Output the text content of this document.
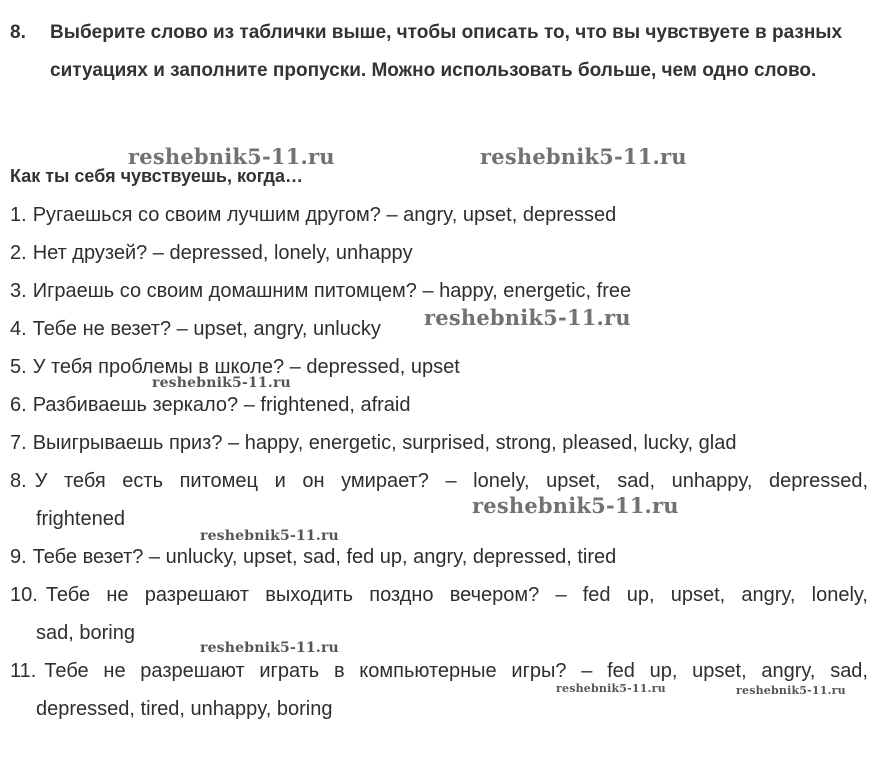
8. Выберите слово из таблички выше, чтобы описать то, что вы чувствуете в разных ситуациях и заполните пропуски. Можно использовать больше, чем одно слово.
Как ты себя чувствуешь, когда…
1. Ругаешься со своим лучшим другом? – angry, upset, depressed
2. Нет друзей? – depressed, lonely, unhappy
3. Играешь со своим домашним питомцем? – happy, energetic, free
4. Тебе не везет? – upset, angry, unlucky
5. У тебя проблемы в школе? – depressed, upset
6. Разбиваешь зеркало? – frightened, afraid
7. Выигрываешь приз? – happy, energetic, surprised, strong, pleased, lucky, glad
8. У тебя есть питомец и он умирает? – lonely, upset, sad, unhappy, depressed,
frightened
9. Тебе везет? – unlucky, upset, sad, fed up, angry, depressed, tired
10. Тебе не разрешают выходить поздно вечером? – fed up, upset, angry, lonely,
sad, boring
11. Тебе не разрешают играть в компьютерные игры? – fed up, upset, angry, sad,
depressed, tired, unhappy, boring
reshebnik5-11.ru	reshebnik5-11.ru
reshebnik5-11.ru
reshebnik5-11.ru
reshebnik5-11.ru
reshebnik5-11.ru
reshebnik5-11.ru
reshebnik5-11.ru	reshebnik5-11.ru
